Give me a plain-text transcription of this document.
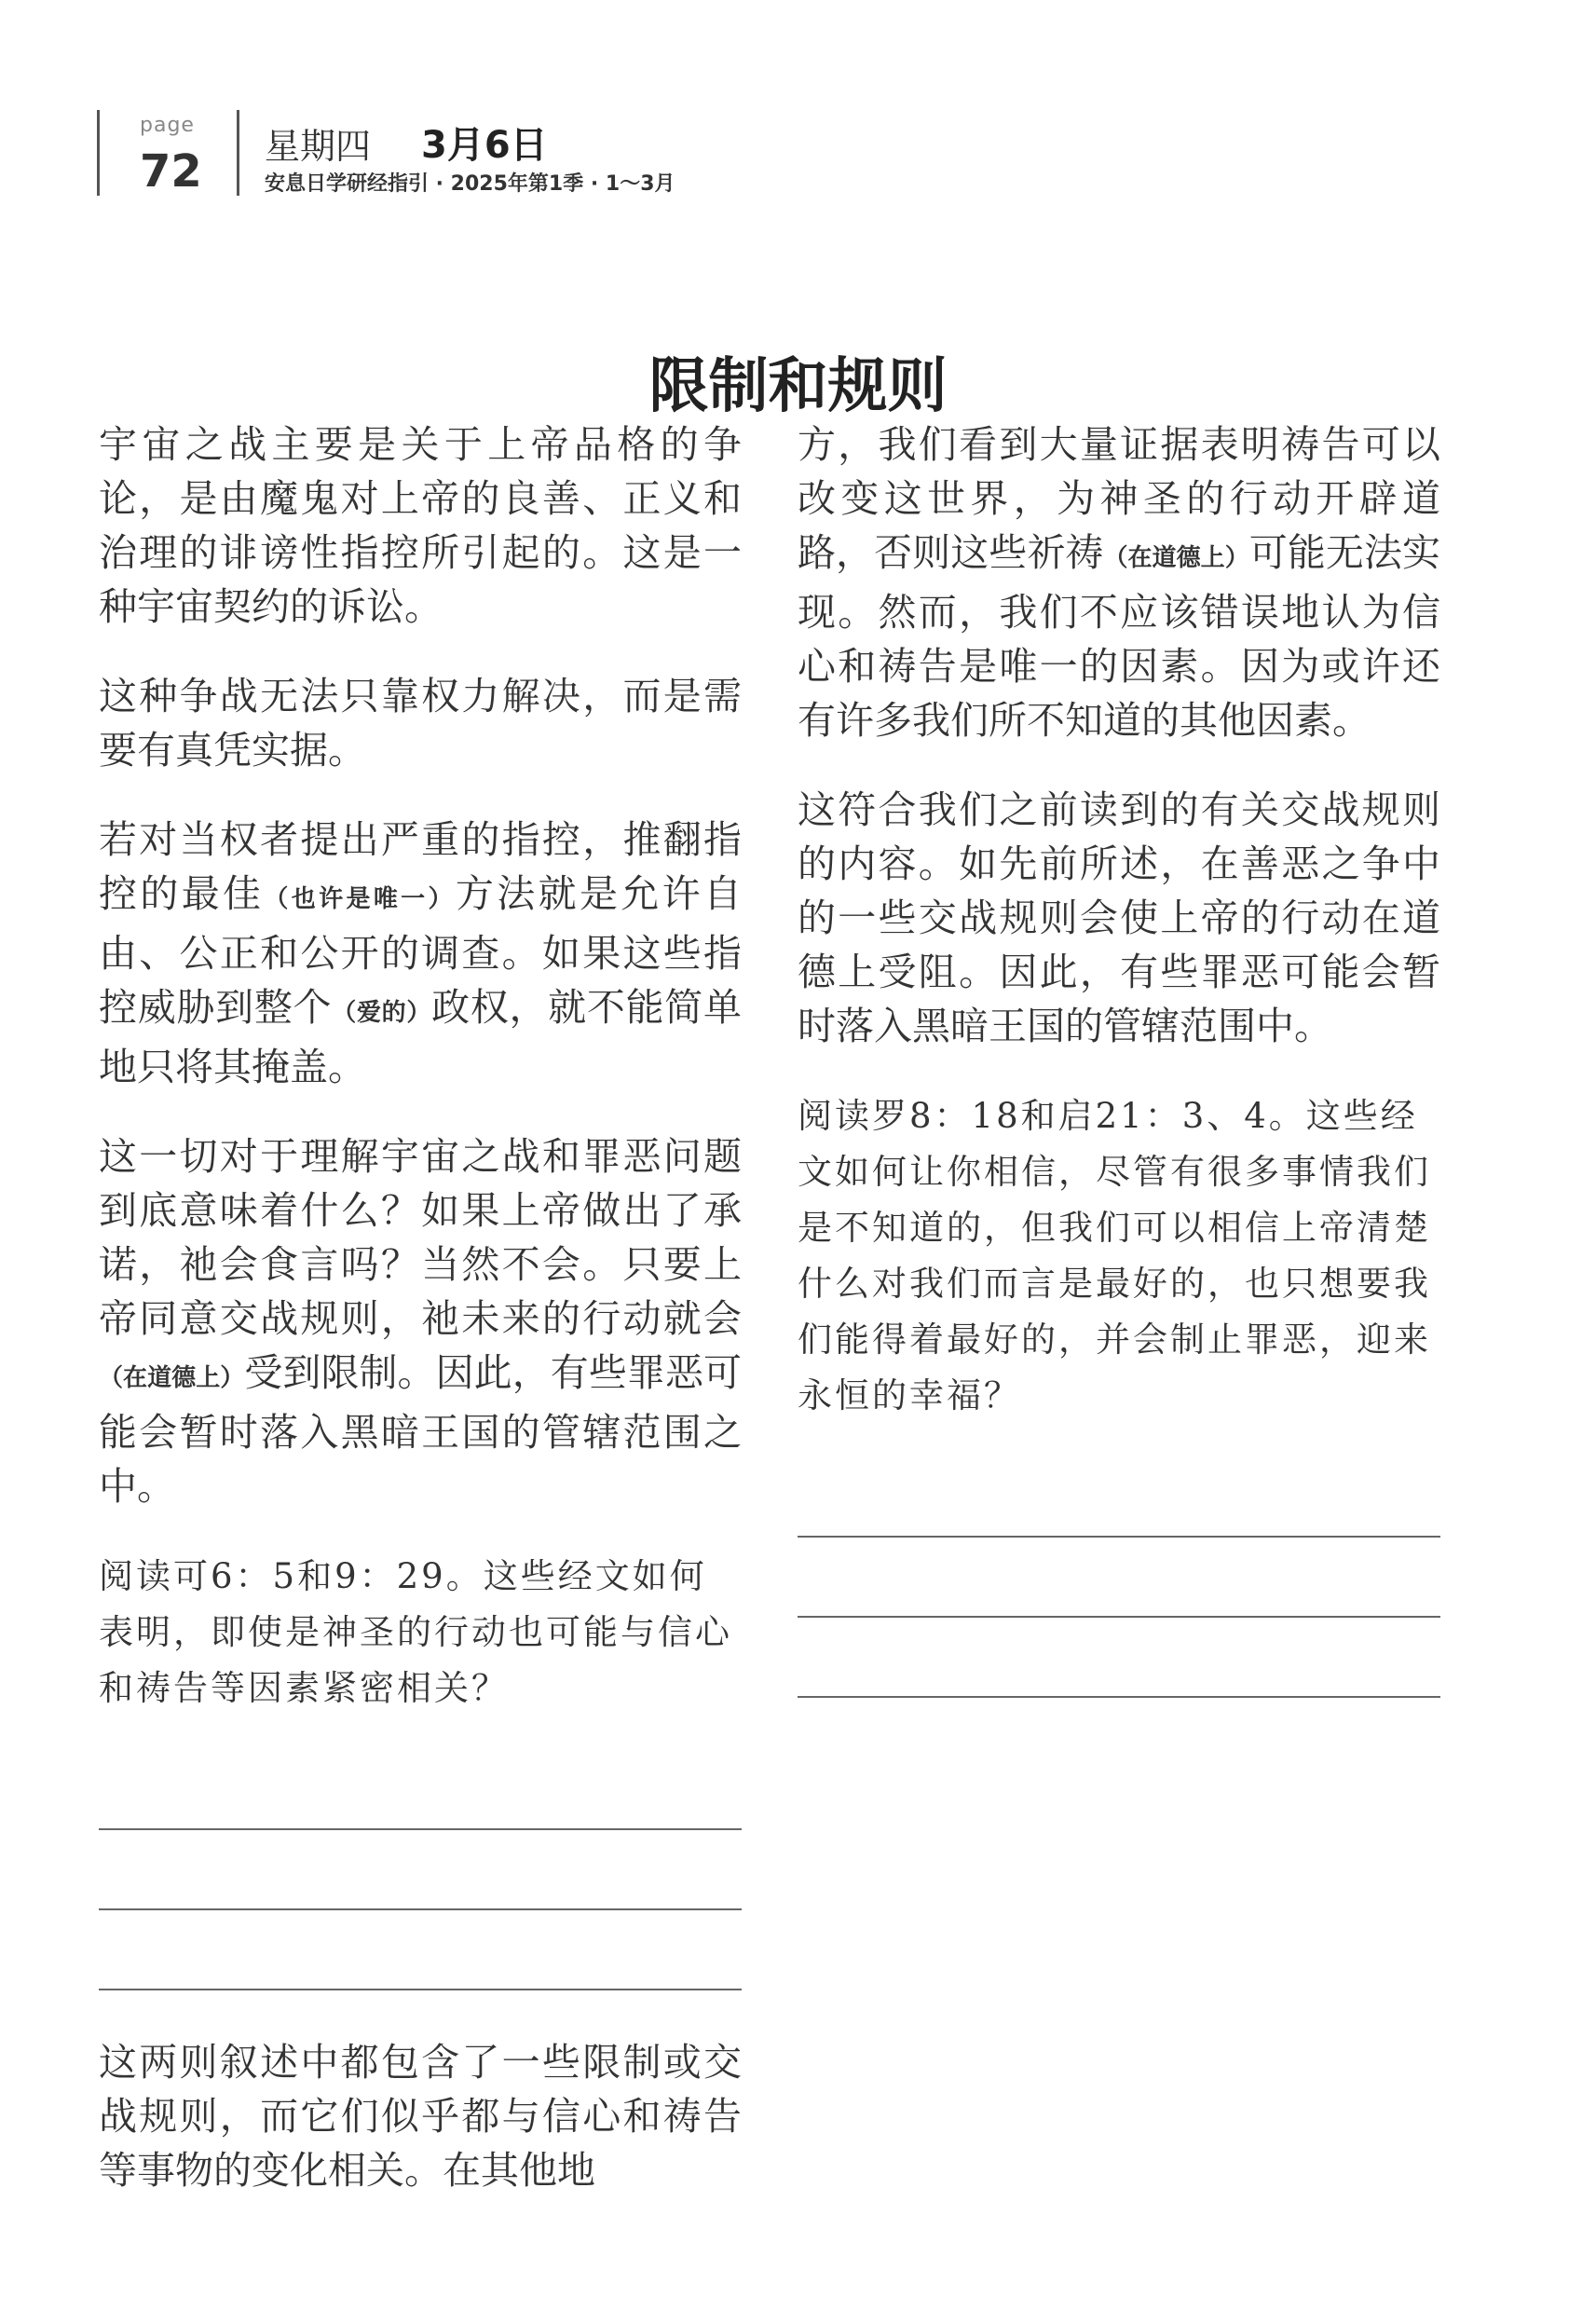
page
72 星期四 3月6日
安息日学研经指引 · 2025年第1季 · 1～3月
限制和规则

宇宙之战主要是关于上帝品格的争论，是由魔鬼对上帝的良善、正义和治理的诽谤性指控所引起的。这是一种宇宙契约的诉讼。

这种争战无法只靠权力解决，而是需要有真凭实据。

若对当权者提出严重的指控，推翻指控的最佳（也许是唯一）方法就是允许自由、公正和公开的调查。如果这些指控威胁到整个（爱的）政权，就不能简单地只将其掩盖。

这一切对于理解宇宙之战和罪恶问题到底意味着什么？如果上帝做出了承诺，祂会食言吗？当然不会。只要上帝同意交战规则，祂未来的行动就会（在道德上）受到限制。因此，有些罪恶可能会暂时落入黑暗王国的管辖范围之中。

阅读可6：5和9：29。这些经文如何表明，即使是神圣的行动也可能与信心和祷告等因素紧密相关？

这两则叙述中都包含了一些限制或交战规则，而它们似乎都与信心和祷告等事物的变化相关。在其他地

方，我们看到大量证据表明祷告可以改变这世界，为神圣的行动开辟道路，否则这些祈祷（在道德上）可能无法实现。然而，我们不应该错误地认为信心和祷告是唯一的因素。因为或许还有许多我们所不知道的其他因素。

这符合我们之前读到的有关交战规则的内容。如先前所述，在善恶之争中的一些交战规则会使上帝的行动在道德上受阻。因此，有些罪恶可能会暂时落入黑暗王国的管辖范围中。

阅读罗8：18和启21：3、4。这些经文如何让你相信，尽管有很多事情我们是不知道的，但我们可以相信上帝清楚什么对我们而言是最好的，也只想要我们能得着最好的，并会制止罪恶，迎来永恒的幸福？
